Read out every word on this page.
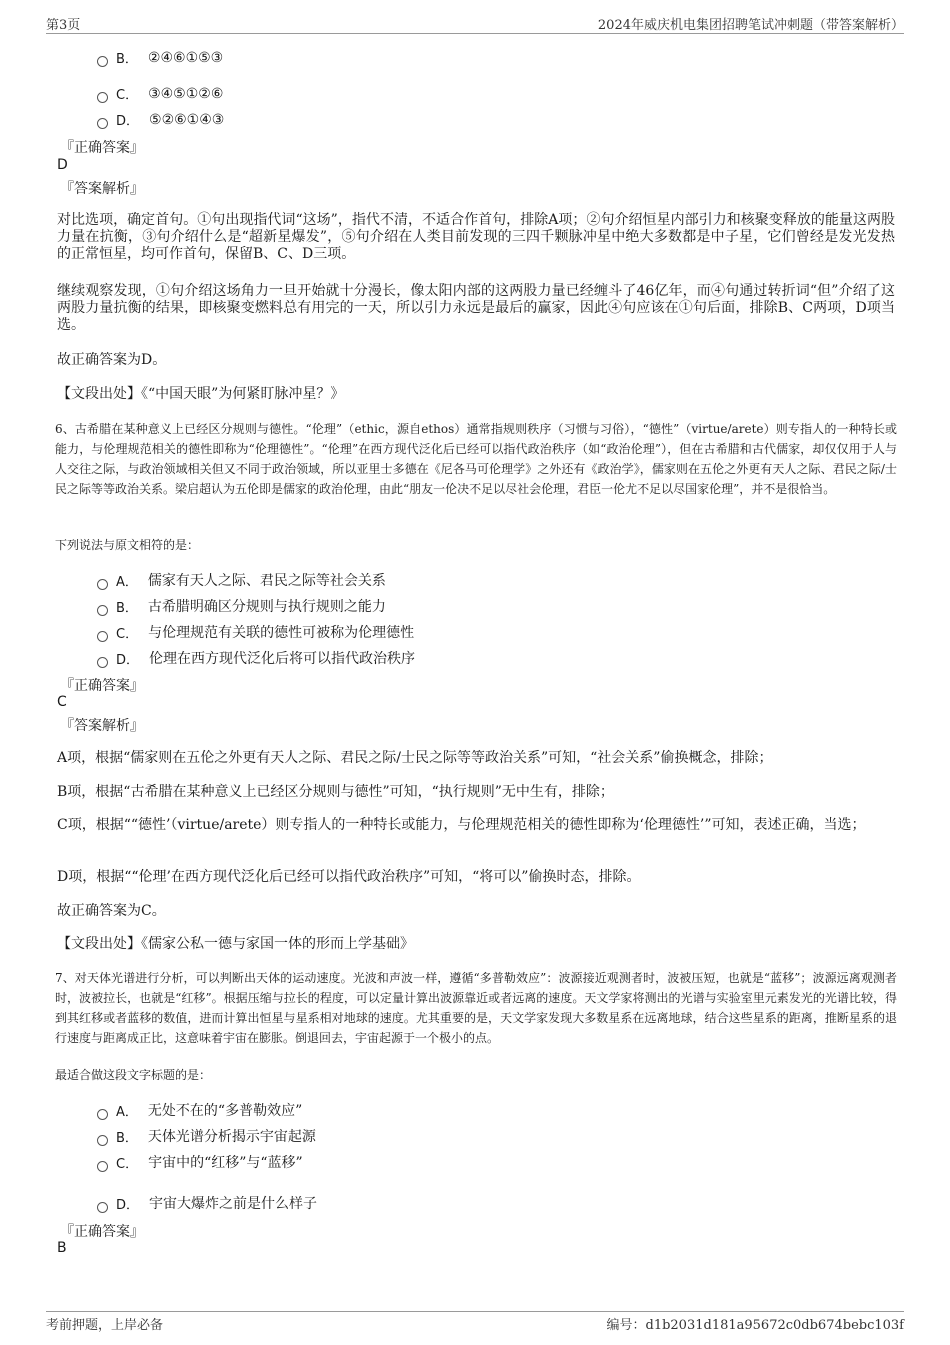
第3页	2024年威庆机电集团招聘笔试冲刺题（带答案解析）
B． ②④⑥①⑤③
C． ③④⑤①②⑥
D． ⑤②⑥①④③
『正确答案』
D
『答案解析』
对比选项，确定首句。①句出现指代词“这场”，指代不清，不适合作首句，排除A项；②句介绍恒星内部引力和核聚变释放的能量这两股力量在抗衡，③句介绍什么是“超新星爆发”，⑤句介绍在人类目前发现的三四千颗脉冲星中绝大多数都是中子星，它们曾经是发光发热的正常恒星，均可作首句，保留B、C、D三项。
继续观察发现，①句介绍这场角力一旦开始就十分漫长，像太阳内部的这两股力量已经缠斗了46亿年，而④句通过转折词“但”介绍了这两股力量抗衡的结果，即核聚变燃料总有用完的一天，所以引力永远是最后的赢家，因此④句应该在①句后面，排除B、C两项，D项当选。
故正确答案为D。
【文段出处】《“中国天眼”为何紧盯脉冲星？》
6、古希腊在某种意义上已经区分规则与德性。“伦理”（ethic，源自ethos）通常指规则秩序（习惯与习俗），“德性”（virtue/arete）则专指人的一种特长或能力，与伦理规范相关的德性即称为“伦理德性”。“伦理”在西方现代泛化后已经可以指代政治秩序（如“政治伦理”），但在古希腊和古代儒家，却仅仅用于人与人交往之际，与政治领域相关但又不同于政治领域，所以亚里士多德在《尼各马可伦理学》之外还有《政治学》，儒家则在五伦之外更有天人之际、君民之际/士民之际等等政治关系。梁启超认为五伦即是儒家的政治伦理，由此“朋友一伦决不足以尽社会伦理，君臣一伦尤不足以尽国家伦理”，并不是很恰当。
下列说法与原文相符的是：
A． 儒家有天人之际、君民之际等社会关系
B． 古希腊明确区分规则与执行规则之能力
C． 与伦理规范有关联的德性可被称为伦理德性
D． 伦理在西方现代泛化后将可以指代政治秩序
『正确答案』
C
『答案解析』
A项，根据“儒家则在五伦之外更有天人之际、君民之际/士民之际等等政治关系”可知，“社会关系”偷换概念，排除；
B项，根据“古希腊在某种意义上已经区分规则与德性”可知，“执行规则”无中生有，排除；
C项，根据““德性’（virtue/arete）则专指人的一种特长或能力，与伦理规范相关的德性即称为‘伦理德性’”可知，表述正确，当选；
D项，根据““伦理’在西方现代泛化后已经可以指代政治秩序”可知，“将可以”偷换时态，排除。
故正确答案为C。
【文段出处】《儒家公私一德与家国一体的形而上学基础》
7、对天体光谱进行分析，可以判断出天体的运动速度。光波和声波一样，遵循“多普勒效应”：波源接近观测者时，波被压短，也就是“蓝移”；波源远离观测者时，波被拉长，也就是“红移”。根据压缩与拉长的程度，可以定量计算出波源靠近或者远离的速度。天文学家将测出的光谱与实验室里元素发光的光谱比较，得到其红移或者蓝移的数值，进而计算出恒星与星系相对地球的速度。尤其重要的是，天文学家发现大多数星系在远离地球，结合这些星系的距离，推断星系的退行速度与距离成正比，这意味着宇宙在膨胀。倒退回去，宇宙起源于一个极小的点。
最适合做这段文字标题的是：
A． 无处不在的“多普勒效应”
B． 天体光谱分析揭示宇宙起源
C． 宇宙中的“红移”与“蓝移”
D． 宇宙大爆炸之前是什么样子
『正确答案』
B
考前押题，上岸必备	编号：d1b2031d181a95672c0db674bebc103f
